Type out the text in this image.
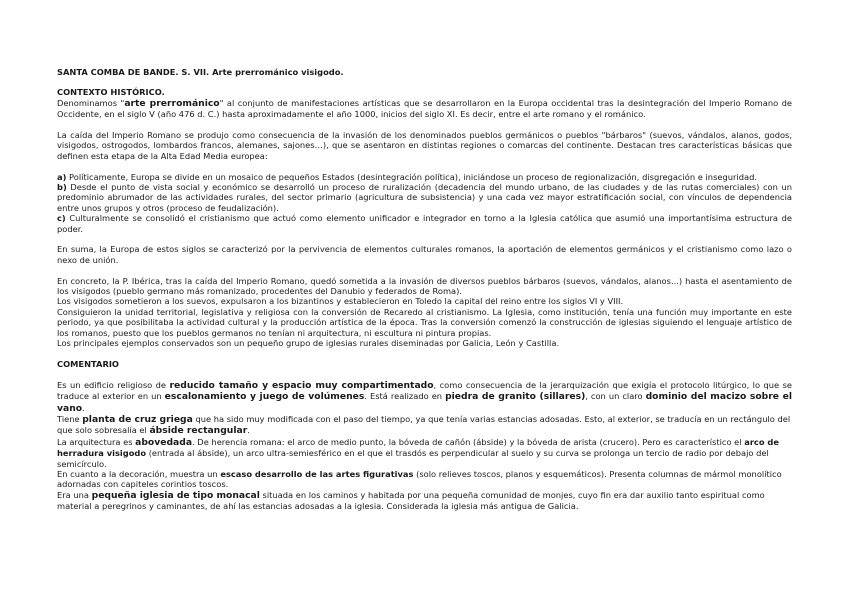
SANTA COMBA DE BANDE. S. VII. Arte prerrománico visigodo.

CONTEXTO HISTÓRICO.

Denominamos "arte prerrománico" al conjunto de manifestaciones artísticas que se desarrollaron en la Europa occidental tras la desintegración del Imperio Romano de Occidente, en el siglo V (año 476 d. C.) hasta aproximadamente el año 1000, inicios del siglo XI. Es decir, entre el arte romano y el románico.

La caída del Imperio Romano se produjo como consecuencia de la invasión de los denominados pueblos germánicos o pueblos "bárbaros" (suevos, vándalos, alanos, godos, visigodos, ostrogodos, lombardos francos, alemanes, sajones…), que se asentaron en distintas regiones o comarcas del continente. Destacan tres características básicas que definen esta etapa de la Alta Edad Media europea:

a) Políticamente, Europa se divide en un mosaico de pequeños Estados (desintegración política), iniciándose un proceso de regionalización, disgregación e inseguridad.

b) Desde el punto de vista social y económico se desarrolló un proceso de ruralización (decadencia del mundo urbano, de las ciudades y de las rutas comerciales) con un predominio abrumador de las actividades rurales, del sector primario (agricultura de subsistencia) y una cada vez mayor estratificación social, con vínculos de dependencia entre unos grupos y otros (proceso de feudalización).

c) Culturalmente se consolidó el cristianismo que actuó como elemento unificador e integrador en torno a la Iglesia católica que asumió una importantísima estructura de poder.

En suma, la Europa de estos siglos se caracterizó por la pervivencia de elementos culturales romanos, la aportación de elementos germánicos y el cristianismo como lazo o nexo de unión.

En concreto, la P. Ibérica, tras la caída del Imperio Romano, quedó sometida a la invasión de diversos pueblos bárbaros (suevos, vándalos, alanos...) hasta el asentamiento de los visigodos (pueblo germano más romanizado, procedentes del Danubio y federados de Roma).

Los visigodos sometieron a los suevos, expulsaron a los bizantinos y establecieron en Toledo la capital del reino entre los siglos VI y VIII.

Consiguieron la unidad territorial, legislativa y religiosa con la conversión de Recaredo al cristianismo. La Iglesia, como institución, tenía una función muy importante en este periodo, ya que posibilitaba la actividad cultural y la producción artística de la época. Tras la conversión comenzó la construcción de iglesias siguiendo el lenguaje artístico de los romanos, puesto que los pueblos germanos no tenían ni arquitectura, ni escultura ni pintura propias.

Los principales ejemplos conservados son un pequeño grupo de iglesias rurales diseminadas por Galicia, León y Castilla.

COMENTARIO

Es un edificio religioso de reducido tamaño y espacio muy compartimentado, como consecuencia de la jerarquización que exigía el protocolo litúrgico, lo que se traduce al exterior en un escalonamiento y juego de volúmenes. Está realizado en piedra de granito (sillares), con un claro dominio del macizo sobre el vano.

Tiene planta de cruz griega que ha sido muy modificada con el paso del tiempo, ya que tenía varias estancias adosadas. Esto, al exterior, se traducía en un rectángulo del que solo sobresalía el ábside rectangular.

La arquitectura es abovedada. De herencia romana: el arco de medio punto, la bóveda de cañón (ábside) y la bóveda de arista (crucero). Pero es característico el arco de herradura visigodo (entrada al ábside), un arco ultra-semiesférico en el que el trasdós es perpendicular al suelo y su curva se prolonga un tercio de radio por debajo del semicírculo.

En cuanto a la decoración, muestra un escaso desarrollo de las artes figurativas (solo relieves toscos, planos y esquemáticos). Presenta columnas de mármol monolítico adornadas con capiteles corintios toscos.

Era una pequeña iglesia de tipo monacal situada en los caminos y habitada por una pequeña comunidad de monjes, cuyo fin era dar auxilio tanto espiritual como material a peregrinos y caminantes, de ahí las estancias adosadas a la iglesia. Considerada la iglesia más antigua de Galicia.
